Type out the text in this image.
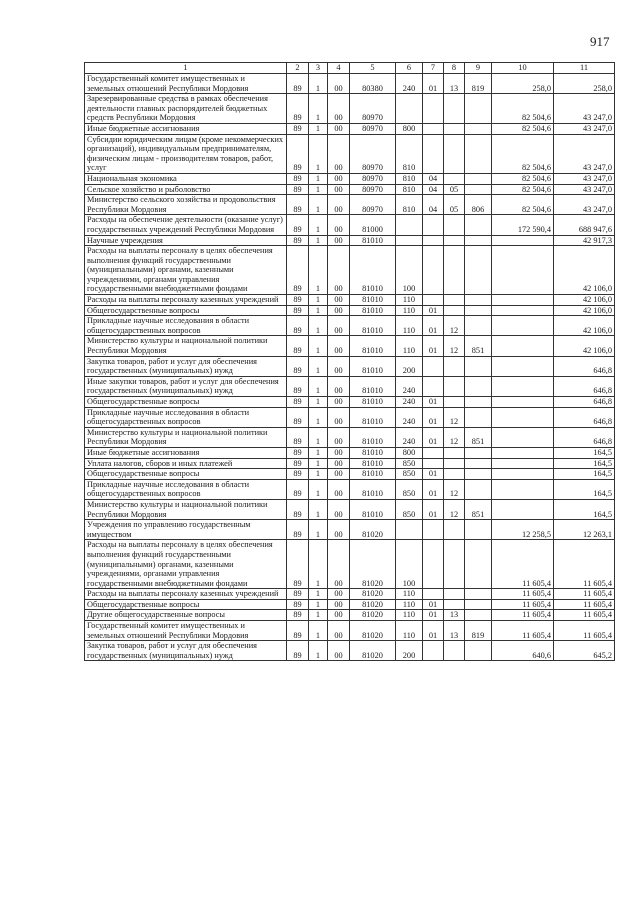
917
1	2	3	4	5	6	7	8	9	10	11
Государственный комитет имущественных и земельных отношений Республики Мордовия	89	1	00	80380	240	01	13	819	258,0	258,0
Зарезервированные средства в рамках обеспечения деятельности главных распорядителей бюджетных средств Республики Мордовия	89	1	00	80970					82 504,6	43 247,0
Иные бюджетные ассигнования	89	1	00	80970	800				82 504,6	43 247,0
Субсидии юридическим лицам (кроме некоммерческих организаций), индивидуальным предпринимателям, физическим лицам - производителям товаров, работ, услуг	89	1	00	80970	810				82 504,6	43 247,0
Национальная экономика	89	1	00	80970	810	04			82 504,6	43 247,0
Сельское хозяйство и рыболовство	89	1	00	80970	810	04	05		82 504,6	43 247,0
Министерство сельского хозяйства и продовольствия Республики Мордовия	89	1	00	80970	810	04	05	806	82 504,6	43 247,0
Расходы на обеспечение деятельности (оказание услуг) государственных учреждений Республики Мордовия	89	1	00	81000					172 590,4	688 947,6
Научные учреждения	89	1	00	81010						42 917,3
Расходы на выплаты персоналу в целях обеспечения выполнения функций государственными (муниципальными) органами, казенными учреждениями, органами управления государственными внебюджетными фондами	89	1	00	81010	100					42 106,0
Расходы на выплаты персоналу казенных учреждений	89	1	00	81010	110					42 106,0
Общегосударственные вопросы	89	1	00	81010	110	01				42 106,0
Прикладные научные исследования в области общегосударственных вопросов	89	1	00	81010	110	01	12			42 106,0
Министерство культуры и национальной политики Республики Мордовия	89	1	00	81010	110	01	12	851		42 106,0
Закупка товаров, работ и услуг для обеспечения государственных (муниципальных) нужд	89	1	00	81010	200					646,8
Иные закупки товаров, работ и услуг для обеспечения государственных (муниципальных) нужд	89	1	00	81010	240					646,8
Общегосударственные вопросы	89	1	00	81010	240	01				646,8
Прикладные научные исследования в области общегосударственных вопросов	89	1	00	81010	240	01	12			646,8
Министерство культуры и национальной политики Республики Мордовия	89	1	00	81010	240	01	12	851		646,8
Иные бюджетные ассигнования	89	1	00	81010	800					164,5
Уплата налогов, сборов и иных платежей	89	1	00	81010	850					164,5
Общегосударственные вопросы	89	1	00	81010	850	01				164,5
Прикладные научные исследования в области общегосударственных вопросов	89	1	00	81010	850	01	12			164,5
Министерство культуры и национальной политики Республики Мордовия	89	1	00	81010	850	01	12	851		164,5
Учреждения по управлению государственным имуществом	89	1	00	81020					12 258,5	12 263,1
Расходы на выплаты персоналу в целях обеспечения выполнения функций государственными (муниципальными) органами, казенными учреждениями, органами управления государственными внебюджетными фондами	89	1	00	81020	100				11 605,4	11 605,4
Расходы на выплаты персоналу казенных учреждений	89	1	00	81020	110				11 605,4	11 605,4
Общегосударственные вопросы	89	1	00	81020	110	01			11 605,4	11 605,4
Другие общегосударственные вопросы	89	1	00	81020	110	01	13		11 605,4	11 605,4
Государственный комитет имущественных и земельных отношений Республики Мордовия	89	1	00	81020	110	01	13	819	11 605,4	11 605,4
Закупка товаров, работ и услуг для обеспечения государственных (муниципальных) нужд	89	1	00	81020	200				640,6	645,2
